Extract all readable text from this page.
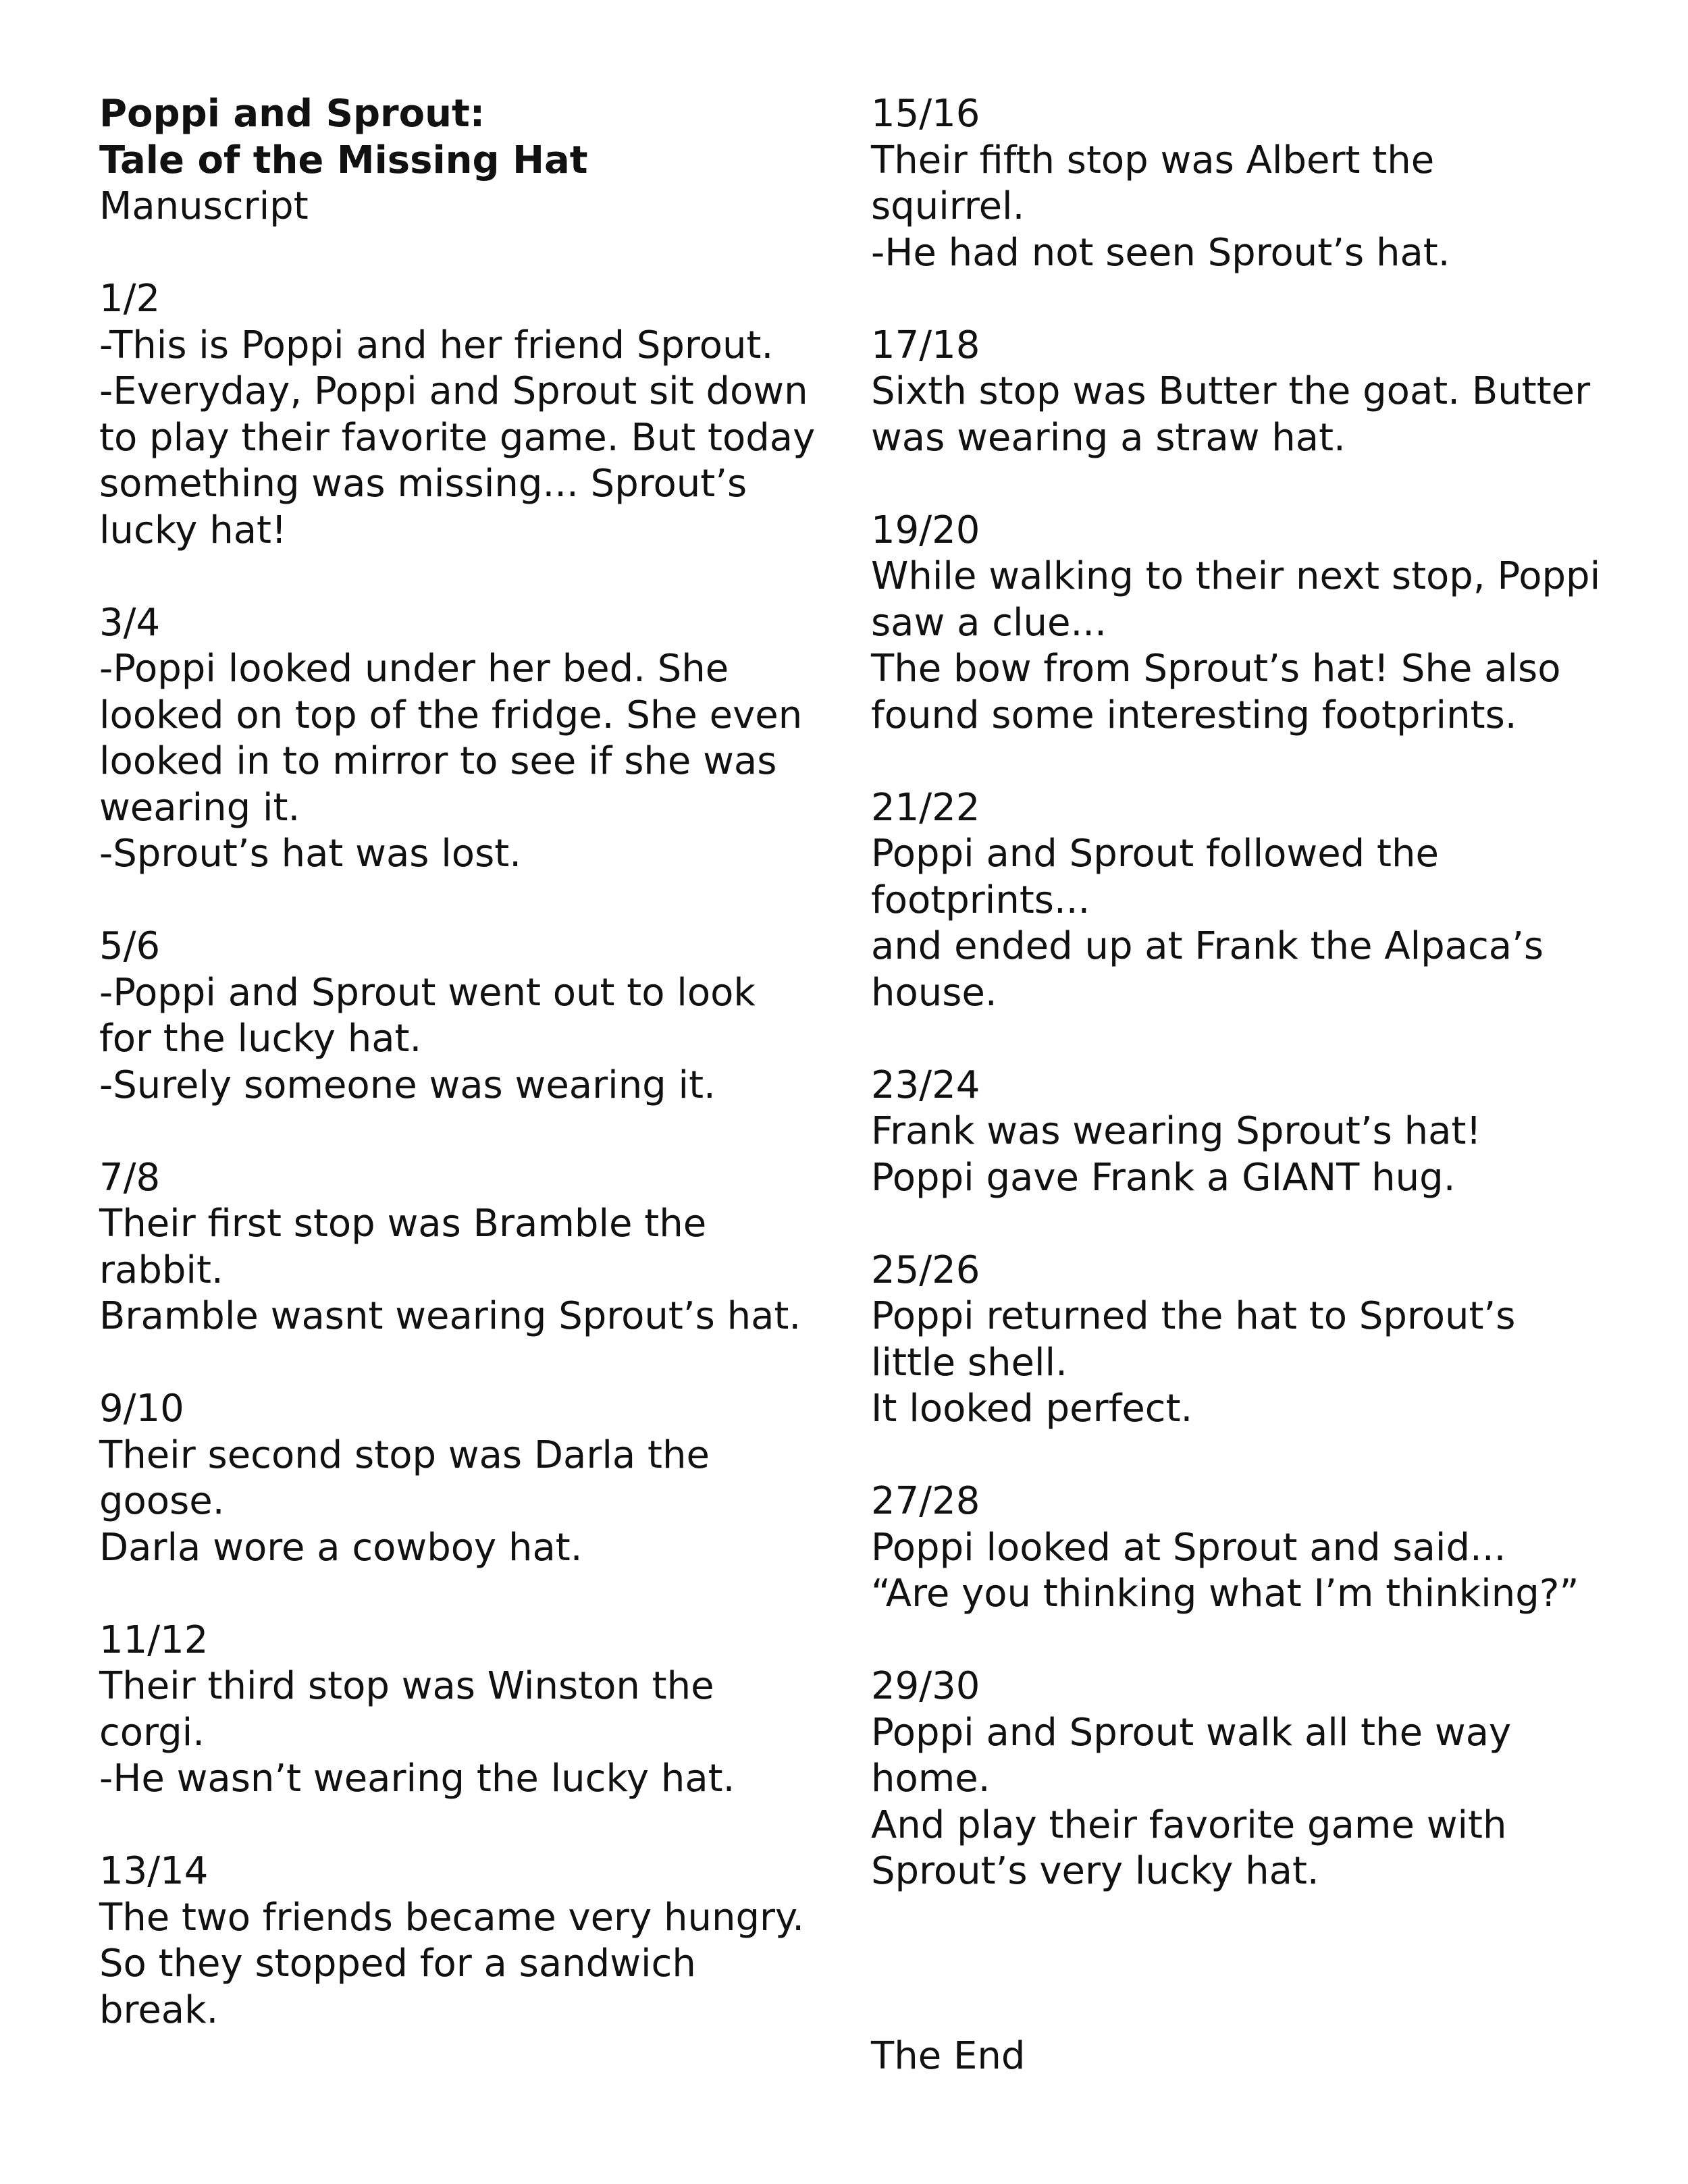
Poppi and Sprout:
Tale of the Missing Hat
Manuscript
1/2
-This is Poppi and her friend Sprout.
-Everyday, Poppi and Sprout sit down
to play their favorite game. But today
something was missing... Sprout’s
lucky hat!
3/4
-Poppi looked under her bed. She
looked on top of the fridge. She even
looked in to mirror to see if she was
wearing it.
-Sprout’s hat was lost.
5/6
-Poppi and Sprout went out to look
for the lucky hat.
-Surely someone was wearing it.
7/8
Their first stop was Bramble the
rabbit.
Bramble wasnt wearing Sprout’s hat.
9/10
Their second stop was Darla the
goose.
Darla wore a cowboy hat.
11/12
Their third stop was Winston the
corgi.
-He wasn’t wearing the lucky hat.
13/14
The two friends became very hungry.
So they stopped for a sandwich
break.
15/16
Their fifth stop was Albert the
squirrel.
-He had not seen Sprout’s hat.
17/18
Sixth stop was Butter the goat. Butter
was wearing a straw hat.
19/20
While walking to their next stop, Poppi
saw a clue...
The bow from Sprout’s hat! She also
found some interesting footprints.
21/22
Poppi and Sprout followed the
footprints...
and ended up at Frank the Alpaca’s
house.
23/24
Frank was wearing Sprout’s hat!
Poppi gave Frank a GIANT hug.
25/26
Poppi returned the hat to Sprout’s
little shell.
It looked perfect.
27/28
Poppi looked at Sprout and said...
“Are you thinking what I’m thinking?”
29/30
Poppi and Sprout walk all the way
home.
And play their favorite game with
Sprout’s very lucky hat.
The End
